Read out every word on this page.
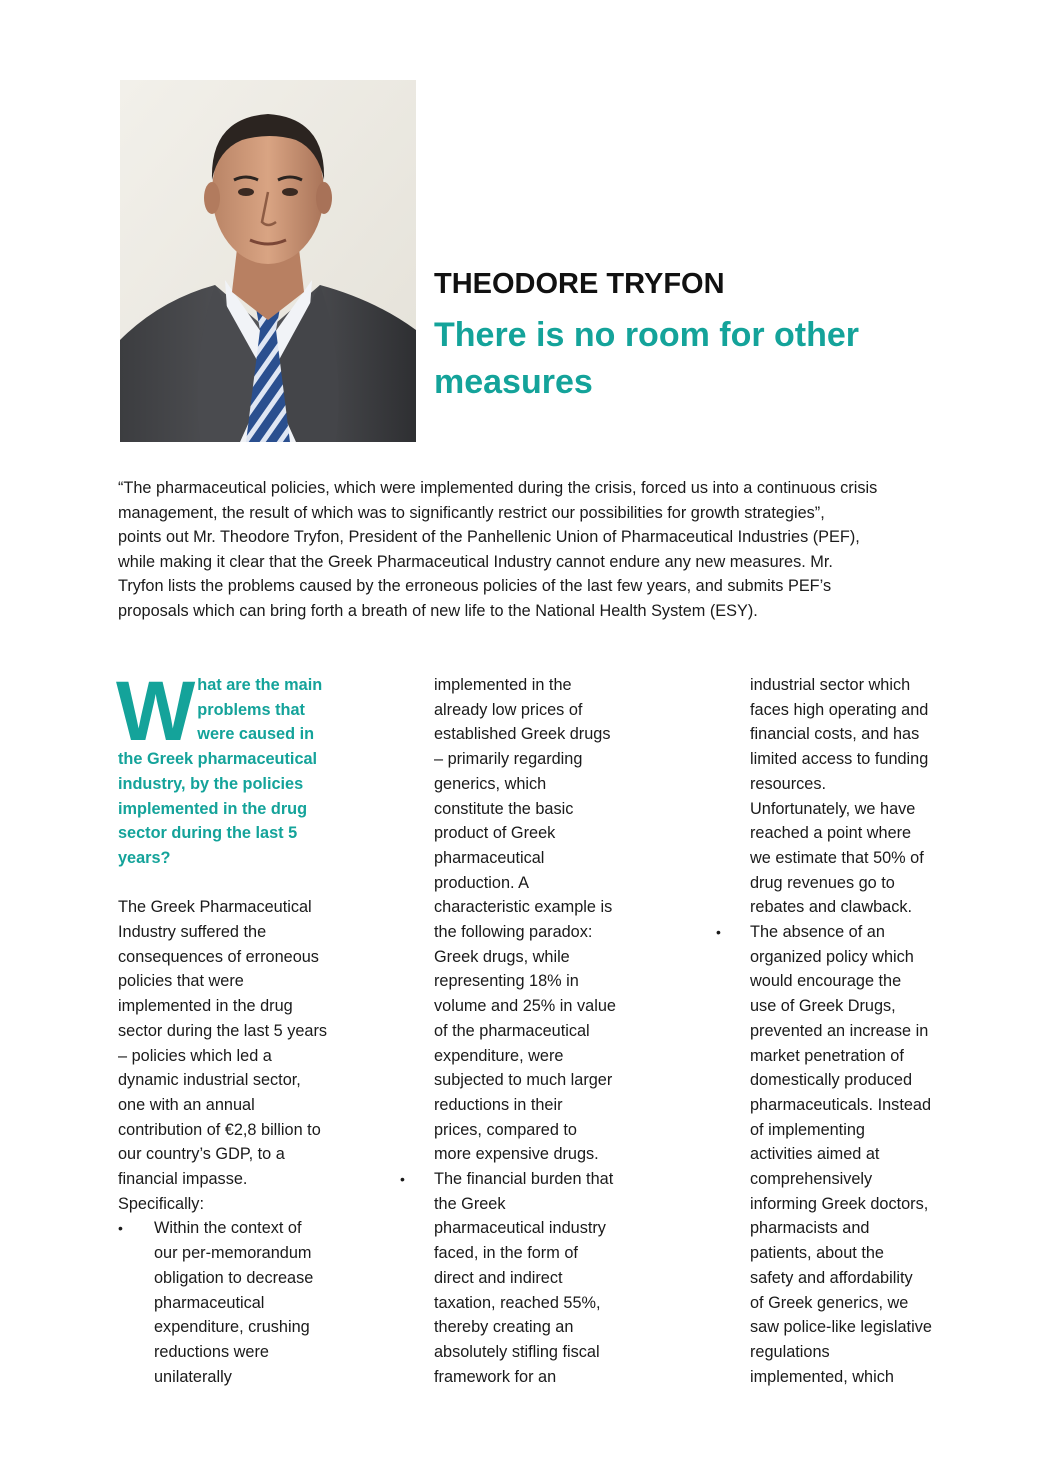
THEODORE TRYFON
There is no room for other
measures
“The pharmaceutical policies, which were implemented during the crisis, forced us into a continuous crisis
management, the result of which was to significantly restrict our possibilities for growth strategies”,
points out Mr. Theodore Tryfon, President of the Panhellenic Union of Pharmaceutical Industries (PEF),
while making it clear that the Greek Pharmaceutical Industry cannot endure any new measures. Mr.
Tryfon lists the problems caused by the erroneous policies of the last few years, and submits PEF’s
proposals which can bring forth a breath of new life to the National Health System (ESY).
W hat are the main
problems that
were caused in
the Greek pharmaceutical
industry, by the policies
implemented in the drug
sector during the last 5
years?
The Greek Pharmaceutical
Industry suffered the
consequences of erroneous
policies that were
implemented in the drug
sector during the last 5 years
– policies which led a
dynamic industrial sector,
one with an annual
contribution of €2,8 billion to
our country’s GDP, to a
financial impasse.
Specifically:
• Within the context of
our per-memorandum
obligation to decrease
pharmaceutical
expenditure, crushing
reductions were
unilaterally
implemented in the
already low prices of
established Greek drugs
– primarily regarding
generics, which
constitute the basic
product of Greek
pharmaceutical
production. A
characteristic example is
the following paradox:
Greek drugs, while
representing 18% in
volume and 25% in value
of the pharmaceutical
expenditure, were
subjected to much larger
reductions in their
prices, compared to
more expensive drugs.
• The financial burden that
the Greek
pharmaceutical industry
faced, in the form of
direct and indirect
taxation, reached 55%,
thereby creating an
absolutely stifling fiscal
framework for an
industrial sector which
faces high operating and
financial costs, and has
limited access to funding
resources.
Unfortunately, we have
reached a point where
we estimate that 50% of
drug revenues go to
rebates and clawback.
• The absence of an
organized policy which
would encourage the
use of Greek Drugs,
prevented an increase in
market penetration of
domestically produced
pharmaceuticals. Instead
of implementing
activities aimed at
comprehensively
informing Greek doctors,
pharmacists and
patients, about the
safety and affordability
of Greek generics, we
saw police-like legislative
regulations
implemented, which
